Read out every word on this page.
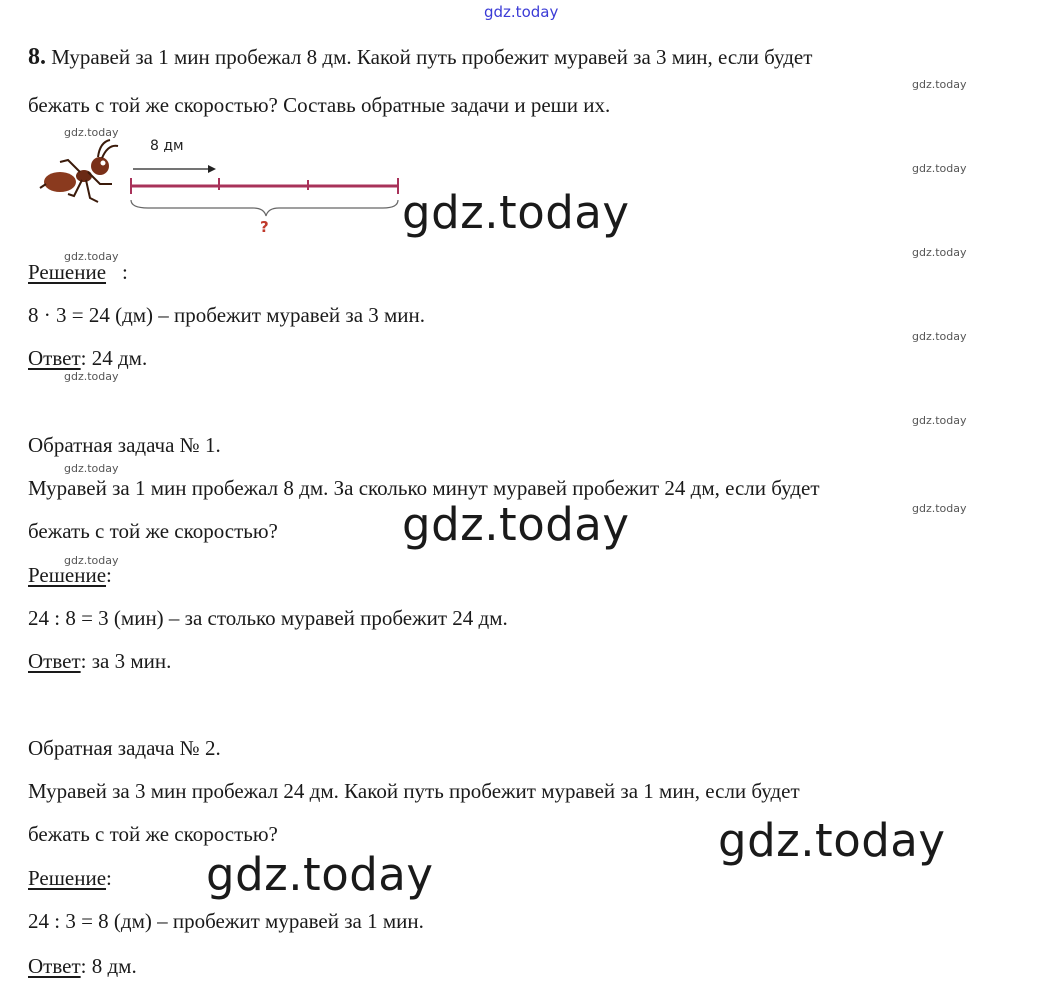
gdz.today
8. Муравей за 1 мин пробежал 8 дм. Какой путь пробежит муравей за 3 мин, если будет
бежать с той же скоростью? Составь обратные задачи и реши их.
8 дм
?
Решение :
8 · 3 = 24 (дм) – пробежит муравей за 3 мин.
Ответ: 24 дм.
Обратная задача № 1.
Муравей за 1 мин пробежал 8 дм. За сколько минут муравей пробежит 24 дм, если будет
бежать с той же скоростью?
Решение:
24 : 8 = 3 (мин) – за столько муравей пробежит 24 дм.
Ответ: за 3 мин.
Обратная задача № 2.
Муравей за 3 мин пробежал 24 дм. Какой путь пробежит муравей за 1 мин, если будет
бежать с той же скоростью?
Решение:
24 : 3 = 8 (дм) – пробежит муравей за 1 мин.
Ответ: 8 дм.
gdz.today
gdz.today
gdz.today
gdz.today
gdz.today
gdz.today
gdz.today
gdz.today
gdz.today
gdz.today
gdz.today
gdz.today
gdz.today
gdz.today
gdz.today
